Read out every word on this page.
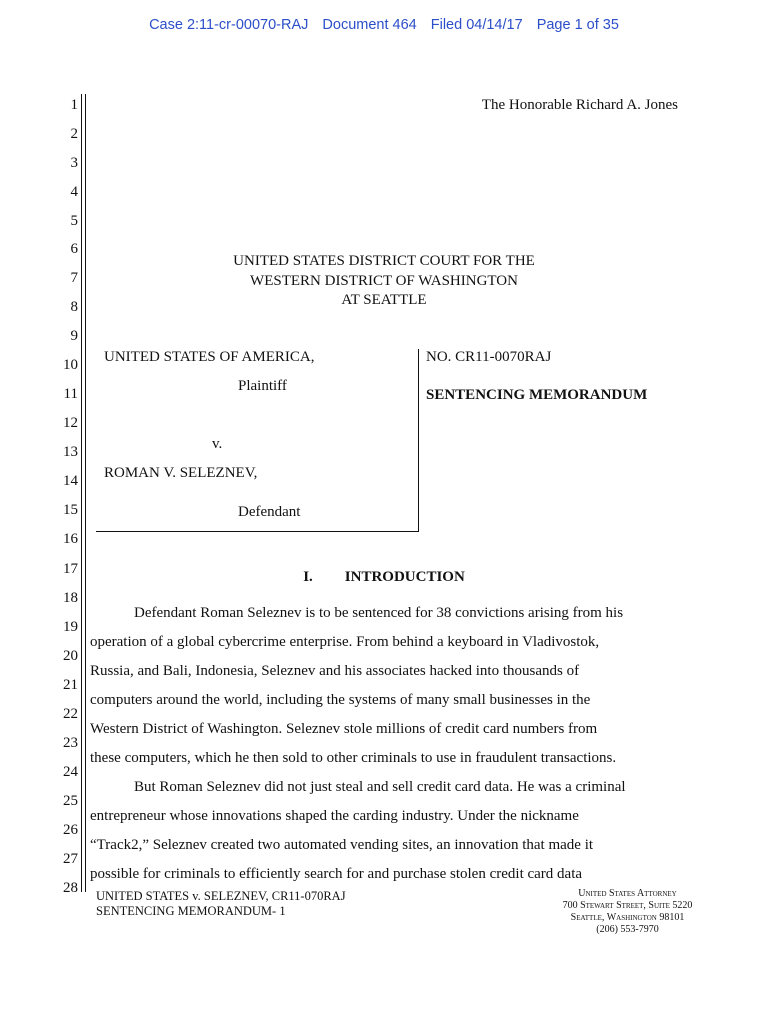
Case 2:11-cr-00070-RAJ Document 464 Filed 04/14/17 Page 1 of 35
1
2
3
4
5
6
7
8
9
10
11
12
13
14
15
16
17
18
19
20
21
22
23
24
25
26
27
28
The Honorable Richard A. Jones
UNITED STATES DISTRICT COURT FOR THE
WESTERN DISTRICT OF WASHINGTON
AT SEATTLE
UNITED STATES OF AMERICA,
Plaintiff
v.
ROMAN V. SELEZNEV,
Defendant
NO. CR11-0070RAJ
SENTENCING MEMORANDUM
I. INTRODUCTION
Defendant Roman Seleznev is to be sentenced for 38 convictions arising from his
operation of a global cybercrime enterprise. From behind a keyboard in Vladivostok,
Russia, and Bali, Indonesia, Seleznev and his associates hacked into thousands of
computers around the world, including the systems of many small businesses in the
Western District of Washington. Seleznev stole millions of credit card numbers from
these computers, which he then sold to other criminals to use in fraudulent transactions.
But Roman Seleznev did not just steal and sell credit card data. He was a criminal
entrepreneur whose innovations shaped the carding industry. Under the nickname
“Track2,” Seleznev created two automated vending sites, an innovation that made it
possible for criminals to efficiently search for and purchase stolen credit card data
UNITED STATES v. SELEZNEV, CR11-070RAJ
SENTENCING MEMORANDUM- 1
United States Attorney
700 Stewart Street, Suite 5220
Seattle, Washington 98101
(206) 553-7970
